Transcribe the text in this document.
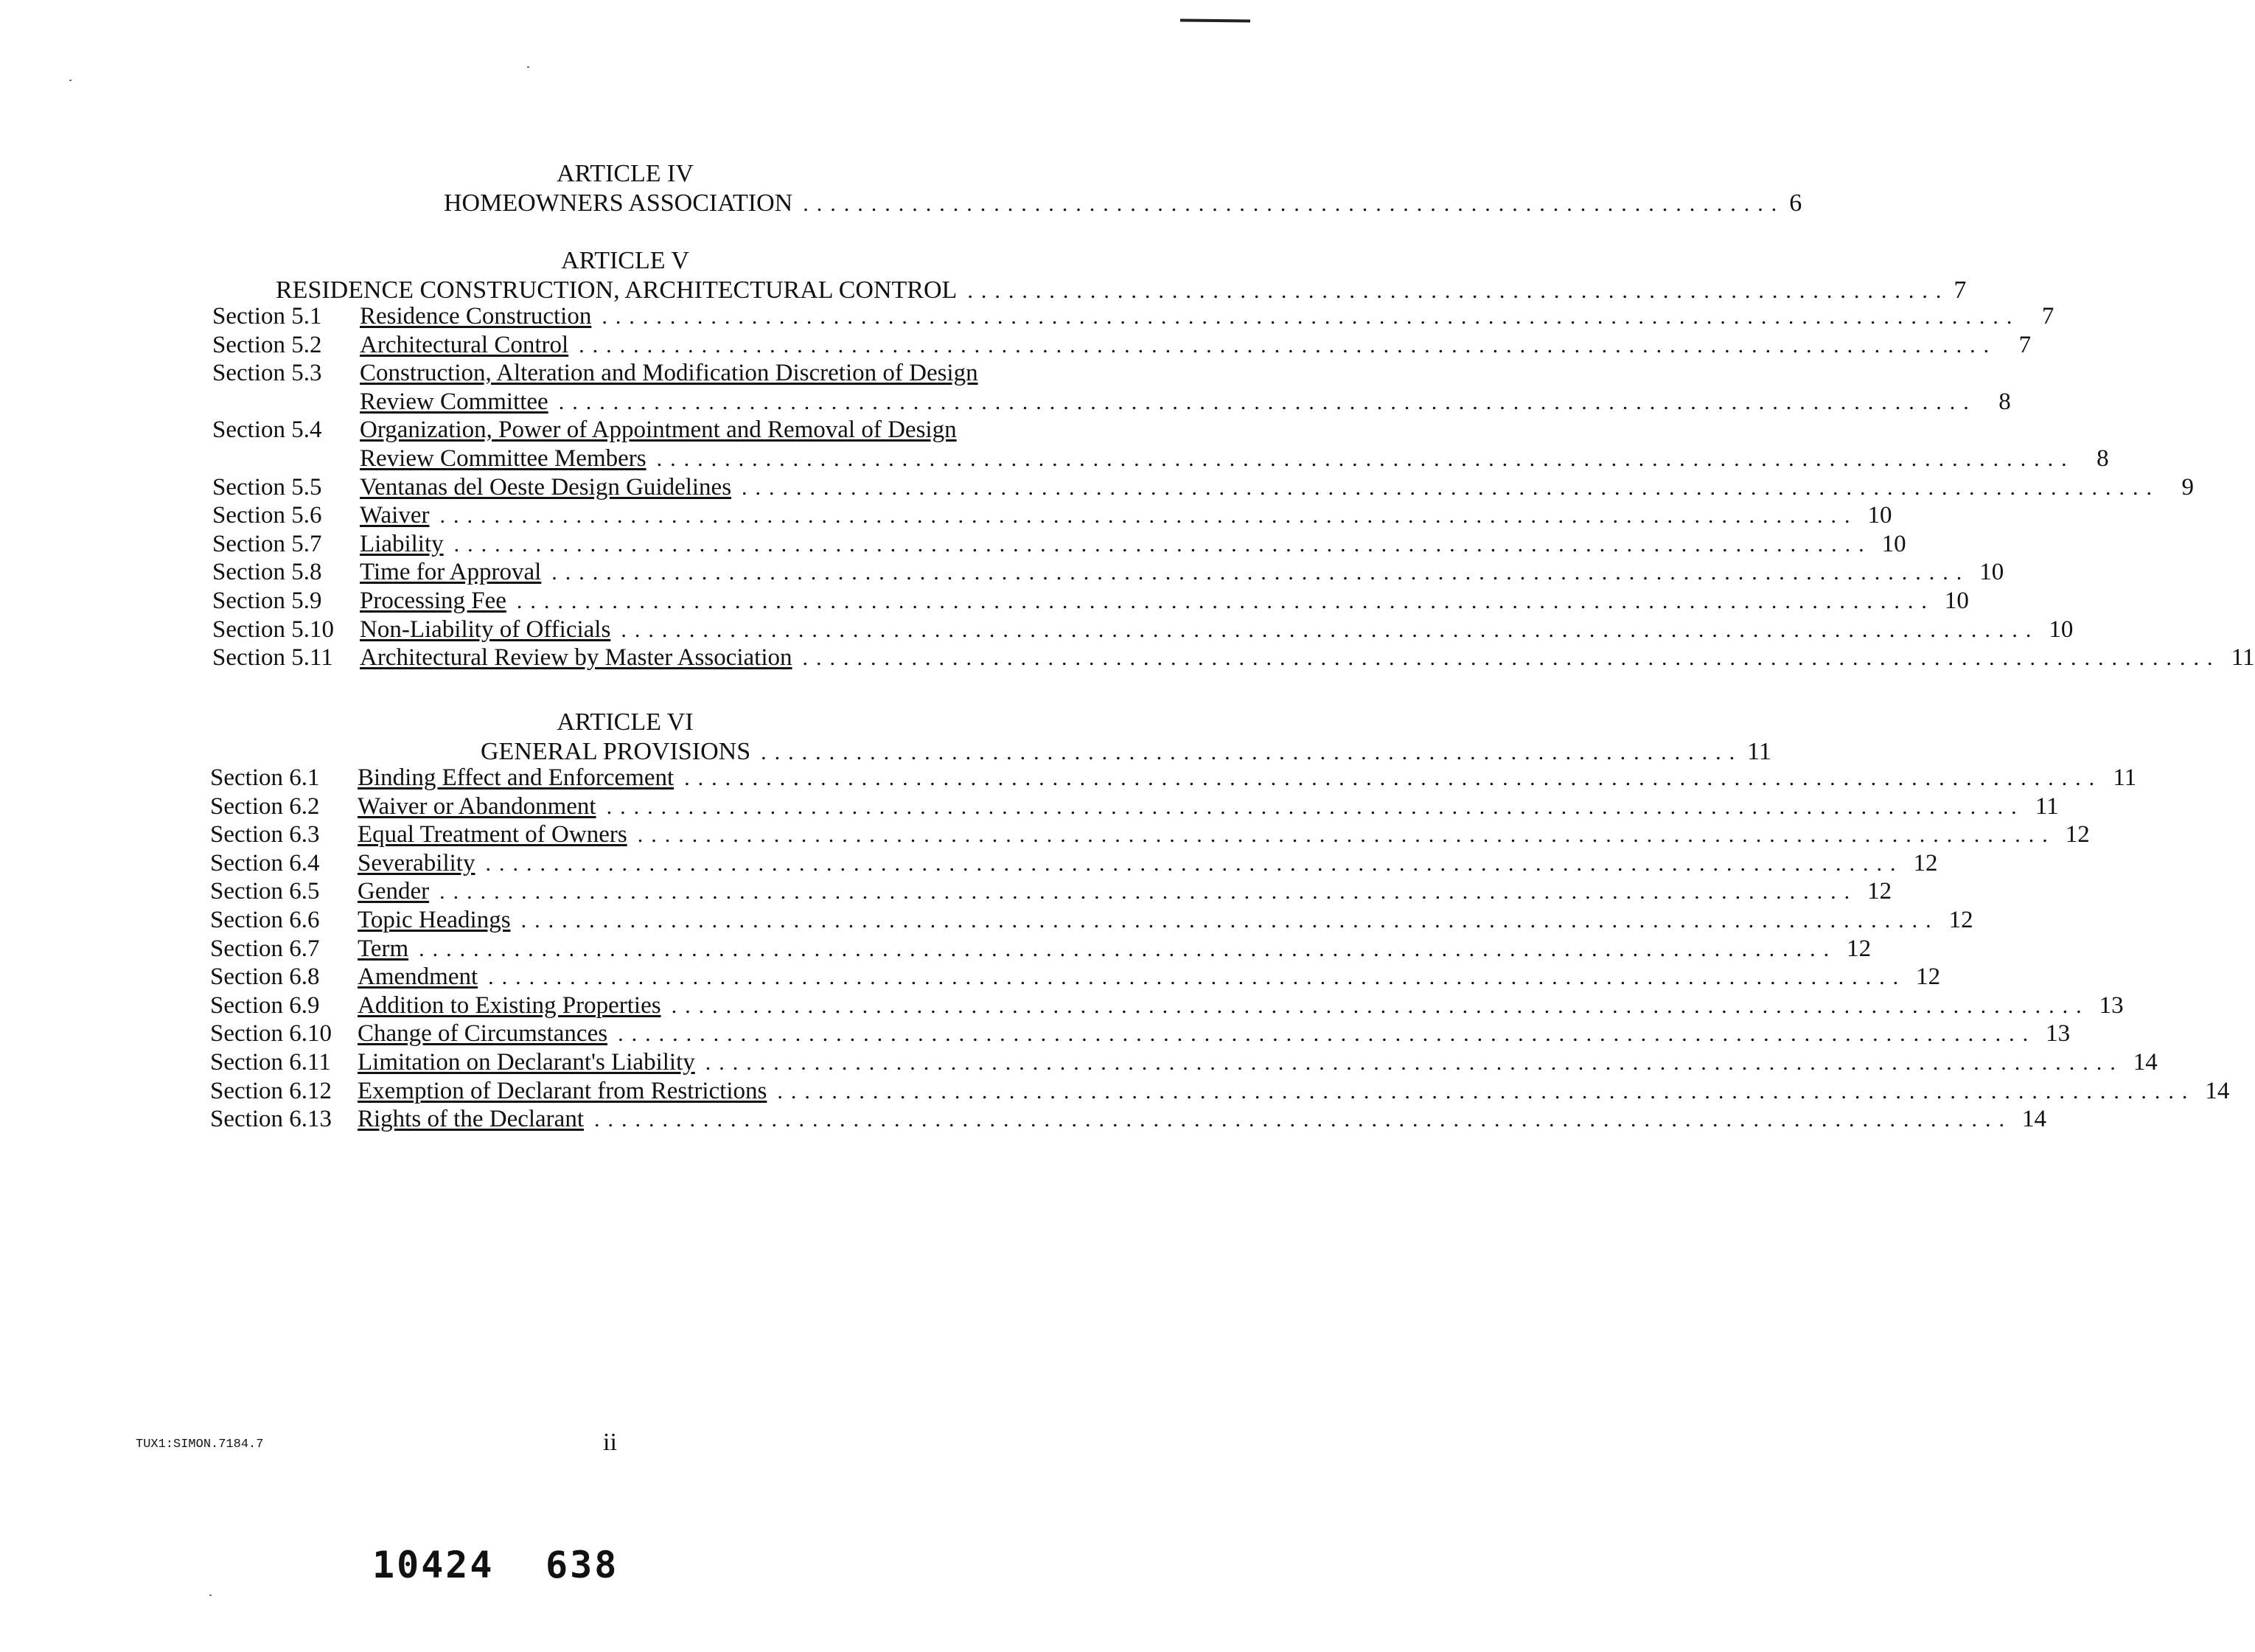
ARTICLE IV
HOMEOWNERS ASSOCIATION ........................................................................ 6
ARTICLE V
RESIDENCE CONSTRUCTION, ARCHITECTURAL CONTROL ........................................................................ 7
Section 5.1 Residence Construction ........................................................................................................ 7
Section 5.2 Architectural Control ........................................................................................................ 7
Section 5.3 Construction, Alteration and Modification Discretion of Design
Review Committee ........................................................................................................ 8
Section 5.4 Organization, Power of Appointment and Removal of Design
Review Committee Members ........................................................................................................ 8
Section 5.5 Ventanas del Oeste Design Guidelines ........................................................................................................ 9
Section 5.6 Waiver ........................................................................................................ 10
Section 5.7 Liability ........................................................................................................ 10
Section 5.8 Time for Approval ........................................................................................................ 10
Section 5.9 Processing Fee ........................................................................................................ 10
Section 5.10 Non-Liability of Officials ........................................................................................................ 10
Section 5.11 Architectural Review by Master Association ........................................................................................................ 11
ARTICLE VI
GENERAL PROVISIONS ........................................................................ 11
Section 6.1 Binding Effect and Enforcement ........................................................................................................ 11
Section 6.2 Waiver or Abandonment ........................................................................................................ 11
Section 6.3 Equal Treatment of Owners ........................................................................................................ 12
Section 6.4 Severability ........................................................................................................ 12
Section 6.5 Gender ........................................................................................................ 12
Section 6.6 Topic Headings ........................................................................................................ 12
Section 6.7 Term ........................................................................................................ 12
Section 6.8 Amendment ........................................................................................................ 12
Section 6.9 Addition to Existing Properties ........................................................................................................ 13
Section 6.10 Change of Circumstances ........................................................................................................ 13
Section 6.11 Limitation on Declarant's Liability ........................................................................................................ 14
Section 6.12 Exemption of Declarant from Restrictions ........................................................................................................ 14
Section 6.13 Rights of the Declarant ........................................................................................................ 14
TUX1:SIMON.7184.7	ii
10424 638
